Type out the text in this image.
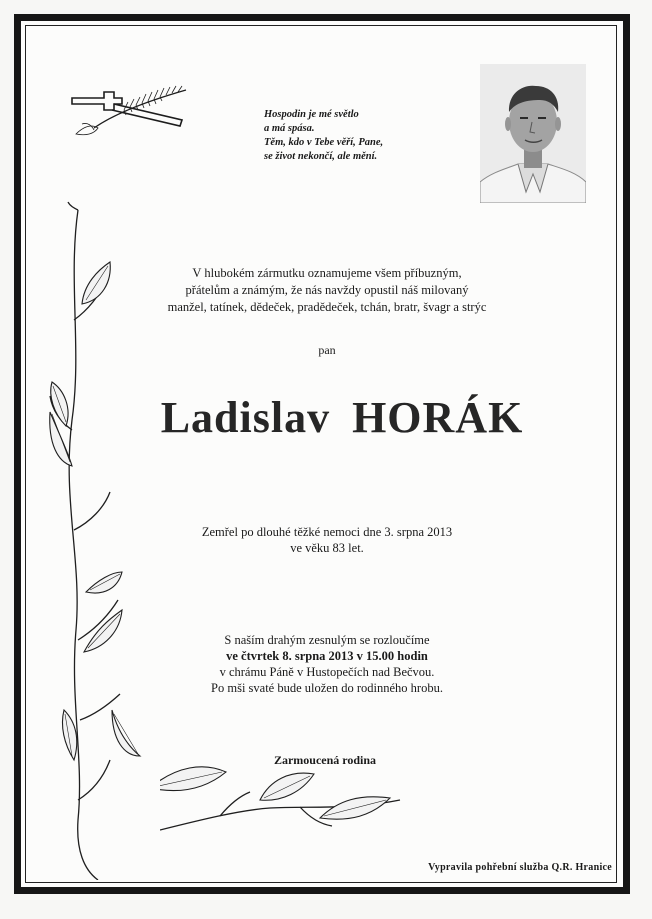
Hospodin je mé světlo
a má spása.
Těm, kdo v Tebe věří, Pane,
se život nekončí, ale mění.
V hlubokém zármutku oznamujeme všem příbuzným,
přátelům a známým, že nás navždy opustil náš milovaný
manžel, tatínek, dědeček, pradědeček, tchán, bratr, švagr a strýc
pan
Ladislav HORÁK
Zemřel po dlouhé těžké nemoci dne 3. srpna 2013
ve věku 83 let.
S naším drahým zesnulým se rozloučíme
ve čtvrtek 8. srpna 2013 v 15.00 hodin
v chrámu Páně v Hustopečích nad Bečvou.
Po mši svaté bude uložen do rodinného hrobu.
Zarmoucená rodina
Vypravila pohřební služba Q.R. Hranice
